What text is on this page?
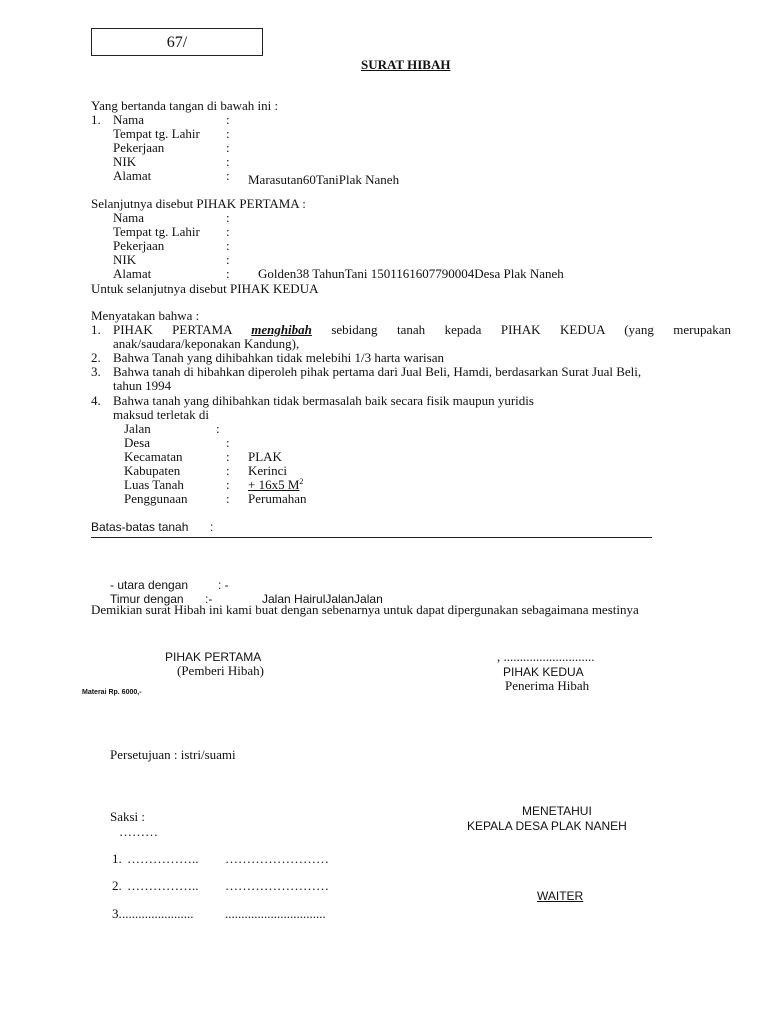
67/
SURAT HIBAH
Yang bertanda tangan di bawah ini :
1. Nama	:
Tempat tg. Lahir :
Pekerjaan	:
NIK	:
Alamat	: Marasutan60TaniPlak Naneh
Selanjutnya disebut PIHAK PERTAMA :
Nama	:
Tempat tg. Lahir :
Pekerjaan	:
NIK	:
Alamat	: Golden38 TahunTani 1501161607790004Desa Plak Naneh
Untuk selanjutnya disebut PIHAK KEDUA
Menyatakan bahwa :
1. PIHAK PERTAMA menghibah sebidang tanah kepada PIHAK KEDUA (yang merupakan
anak/saudara/keponakan Kandung),
2. Bahwa Tanah yang dihibahkan tidak melebihi 1/3 harta warisan
3. Bahwa tanah di hibahkan diperoleh pihak pertama dari Jual Beli, Hamdi, berdasarkan Surat Jual Beli,
tahun 1994
4. Bahwa tanah yang dihibahkan tidak bermasalah baik secara fisik maupun yuridis
maksud terletak di
Jalan	:
Desa	:
Kecamatan	: PLAK
Kabupaten	: Kerinci
Luas Tanah	: + 16x5 $M^2$
Penggunaan	: Perumahan
Batas-batas tanah :
- utara dengan : -
Timur dengan :-	Jalan HairulJalanJalan
Demikian surat Hibah ini kami buat dengan sebenarnya untuk dapat dipergunakan sebagaimana mestinya
PIHAK PERTAMA
(Pemberi Hibah)
Materai Rp. 6000,-
, ............................
PIHAK KEDUA
Penerima Hibah
Persetujuan : istri/suami
Saksi :
………
1. …………….. ……………………
2. …………….. ……………………
3. ...................... ...............................
MENETAHUI
KEPALA DESA PLAK NANEH
WAITER
